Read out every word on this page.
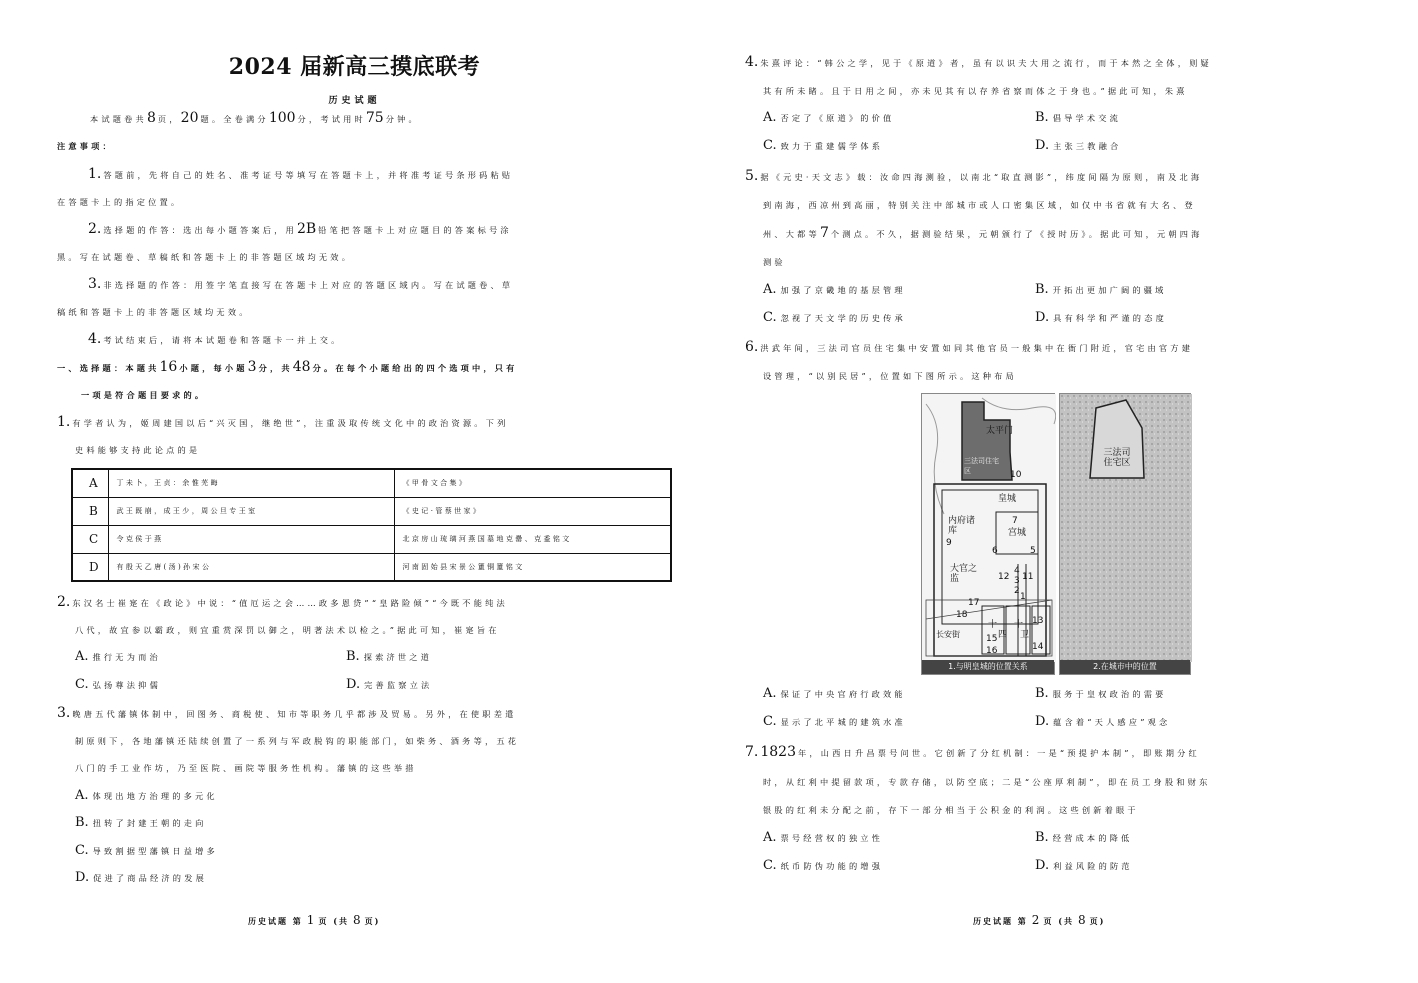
2024 届新高三摸底联考
历史试题
本试题卷共8 页，20 题。全卷满分100 分，考试用时75 分钟。
注意事项：
1. 答题前，先将自己的姓名、准考证号等填写在答题卡上，并将准考证号条形码粘贴
在答题卡上的指定位置。
2. 选择题的作答：选出每小题答案后，用2B 铅笔把答题卡上对应题目的答案标号涂
黑。写在试题卷、草稿纸和答题卡上的非答题区域均无效。
3. 非选择题的作答：用签字笔直接写在答题卡上对应的答题区域内。写在试题卷、草
稿纸和答题卡上的非答题区域均无效。
4. 考试结束后，请将本试题卷和答题卡一并上交。
一、选择题：本题共16 小题，每小题3 分，共48 分。在每个小题给出的四个选项中，只有
一项是符合题目要求的。
1. 有学者认为，姬周建国以后“兴灭国，继绝世”，注重汲取传统文化中的政治资源。下列
史料能够支持此论点的是
A	丁未卜，王贞：余惟芜晦	《甲骨文合集》
B	武王既崩，成王少，周公旦专王室	《史记·管蔡世家》
C	令克侯于燕	北京房山琉璃河燕国墓地克罍、克盉铭文
D	有殷天乙唐(汤)孙宋公	河南固始县宋景公簠铜簠铭文
2. 东汉名士崔寔在《政论》中说：“值厄运之会……政多恩贷”“皇路险倾”“今既不能纯法
八代，故宜参以霸政，则宜重赏深罚以御之，明著法术以检之。”据此可知，崔寔旨在
A. 推行无为而治	B. 探索济世之道
C. 弘扬尊法抑儒	D. 完善监察立法
3. 晚唐五代藩镇体制中，回图务、商税使、知市等职务几乎都涉及贸易。另外，在使职差遣
制原则下，各地藩镇还陆续创置了一系列与军政脱钩的职能部门，如柴务、酒务等，五花
八门的手工业作坊，乃至医院、画院等服务性机构。藩镇的这些举措
A. 体现出地方治理的多元化
B. 扭转了封建王朝的走向
C. 导致割据型藩镇日益增多
D. 促进了商品经济的发展
历史试题 第 1 页 (共 8 页)
4. 朱熹评论：“韩公之学，见于《原道》者，虽有以识夫大用之流行，而于本然之全体，则疑
其有所未睹。且于日用之间，亦未见其有以存养省察而体之于身也。”据此可知，朱熹
A. 否定了《原道》的价值	B. 倡导学术交流
C. 致力于重建儒学体系	D. 主张三教融合
5. 据《元史·天文志》载：汝命四海测验，以南北“取直测影”，纬度间隔为原则，南及北海
到南海，西凉州到高丽，特别关注中部城市或人口密集区域，如仅中书省就有大名、登
州、大都等7 个测点。不久，据测验结果，元朝颁行了《授时历》。据此可知，元朝四海
测验
A. 加强了京畿地的基层管理	B. 开拓出更加广阔的疆域
C. 忽视了天文学的历史传承	D. 具有科学和严谨的态度
6. 洪武年间，三法司官员住宅集中安置如同其他官员一般集中在衙门附近，官宅由官方建
设管理，“以别民居”，位置如下图所示。这种布局
A. 保证了中央官府行政效能	B. 服务于皇权政治的需要
C. 显示了北平城的建筑水准	D. 蕴含着“天人感应”观念
7. 1823 年，山西日升昌票号问世。它创新了分红机制：一是“预提护本制”，即账期分红
时，从红利中提留款项，专款存储，以防空底；二是“公座厚利制”，即在员工身股和财东
银股的红利未分配之前，存下一部分相当于公积金的利润。这些创新着眼于
A. 票号经营权的独立性	B. 经营成本的降低
C. 纸币防伪功能的增强	D. 利益风险的防范
历史试题 第 2 页 (共 8 页)
太平门
三法司住宅区
皇城
内府诸库	宫城
大官之监
长安街
十
四
十
卫
10
7
9
6	5
12
4
11
3
2
1
17
18
15
16
13
14
1.与明皇城的位置关系
三法司住宅区
2.在城市中的位置
